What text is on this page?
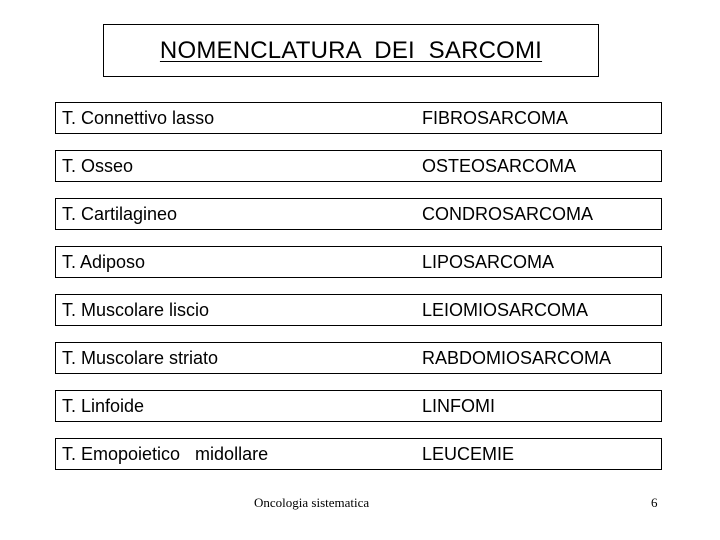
NOMENCLATURA  DEI  SARCOMI
T. Connettivo lasso	FIBROSARCOMA
T. Osseo	OSTEOSARCOMA
T. Cartilagineo	CONDROSARCOMA
T. Adiposo	LIPOSARCOMA
T. Muscolare liscio	LEIOMIOSARCOMA
T. Muscolare striato	RABDOMIOSARCOMA
T. Linfoide	LINFOMI
T. Emopoietico   midollare	LEUCEMIE
Oncologia sistematica	6
